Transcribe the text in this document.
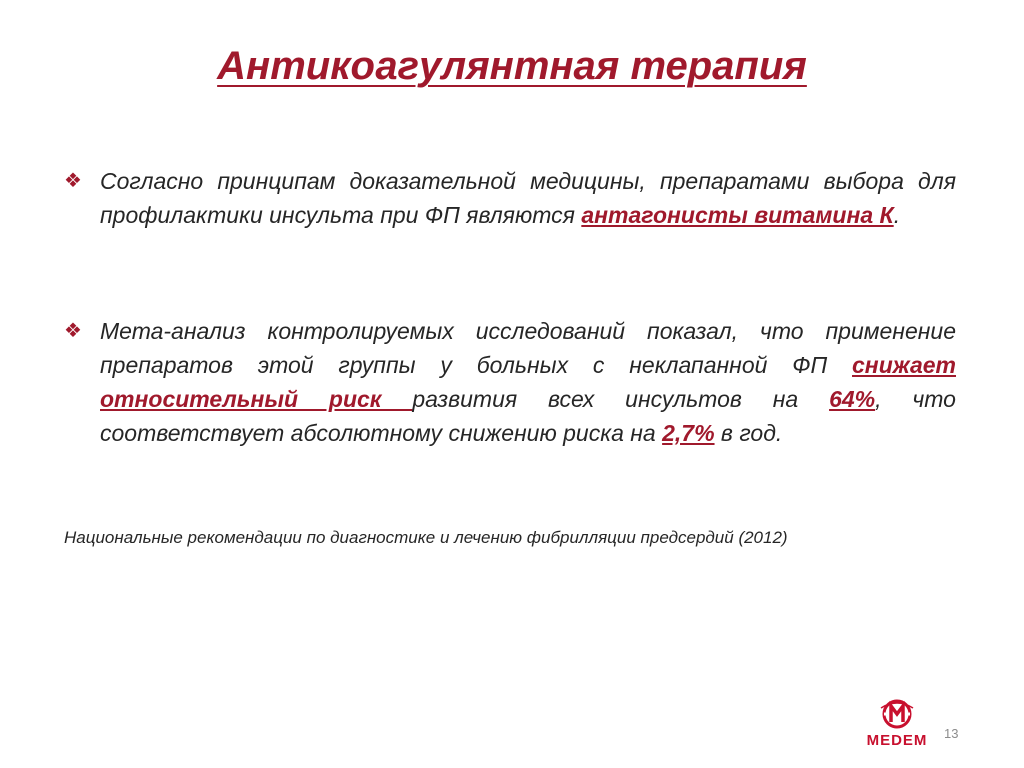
Антикоагулянтная терапия
❖ Согласно принципам доказательной медицины, препаратами выбора для профилактики инсульта при ФП являются антагонисты витамина К.
❖ Мета-анализ контролируемых исследований показал, что применение препаратов этой группы у больных с неклапанной ФП снижает относительный риск развития всех инсультов на 64%, что соответствует абсолютному снижению риска на 2,7% в год.
Национальные рекомендации по диагностике и лечению фибрилляции предсердий (2012)
MEDEM	13
